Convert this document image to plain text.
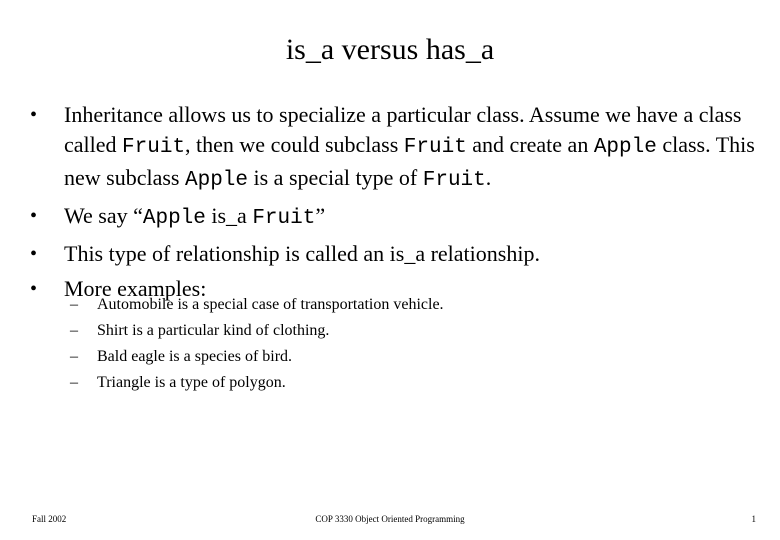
is_a versus has_a
• Inheritance allows us to specialize a particular class. Assume we have a class called Fruit, then we could subclass Fruit and create an Apple class. This new subclass Apple is a special type of Fruit.
• We say “Apple is_a Fruit”
• This type of relationship is called an is_a relationship.
• More examples:
– Automobile is a special case of transportation vehicle.
– Shirt is a particular kind of clothing.
– Bald eagle is a species of bird.
– Triangle is a type of polygon.
Fall 2002	COP 3330 Object Oriented Programming	1
